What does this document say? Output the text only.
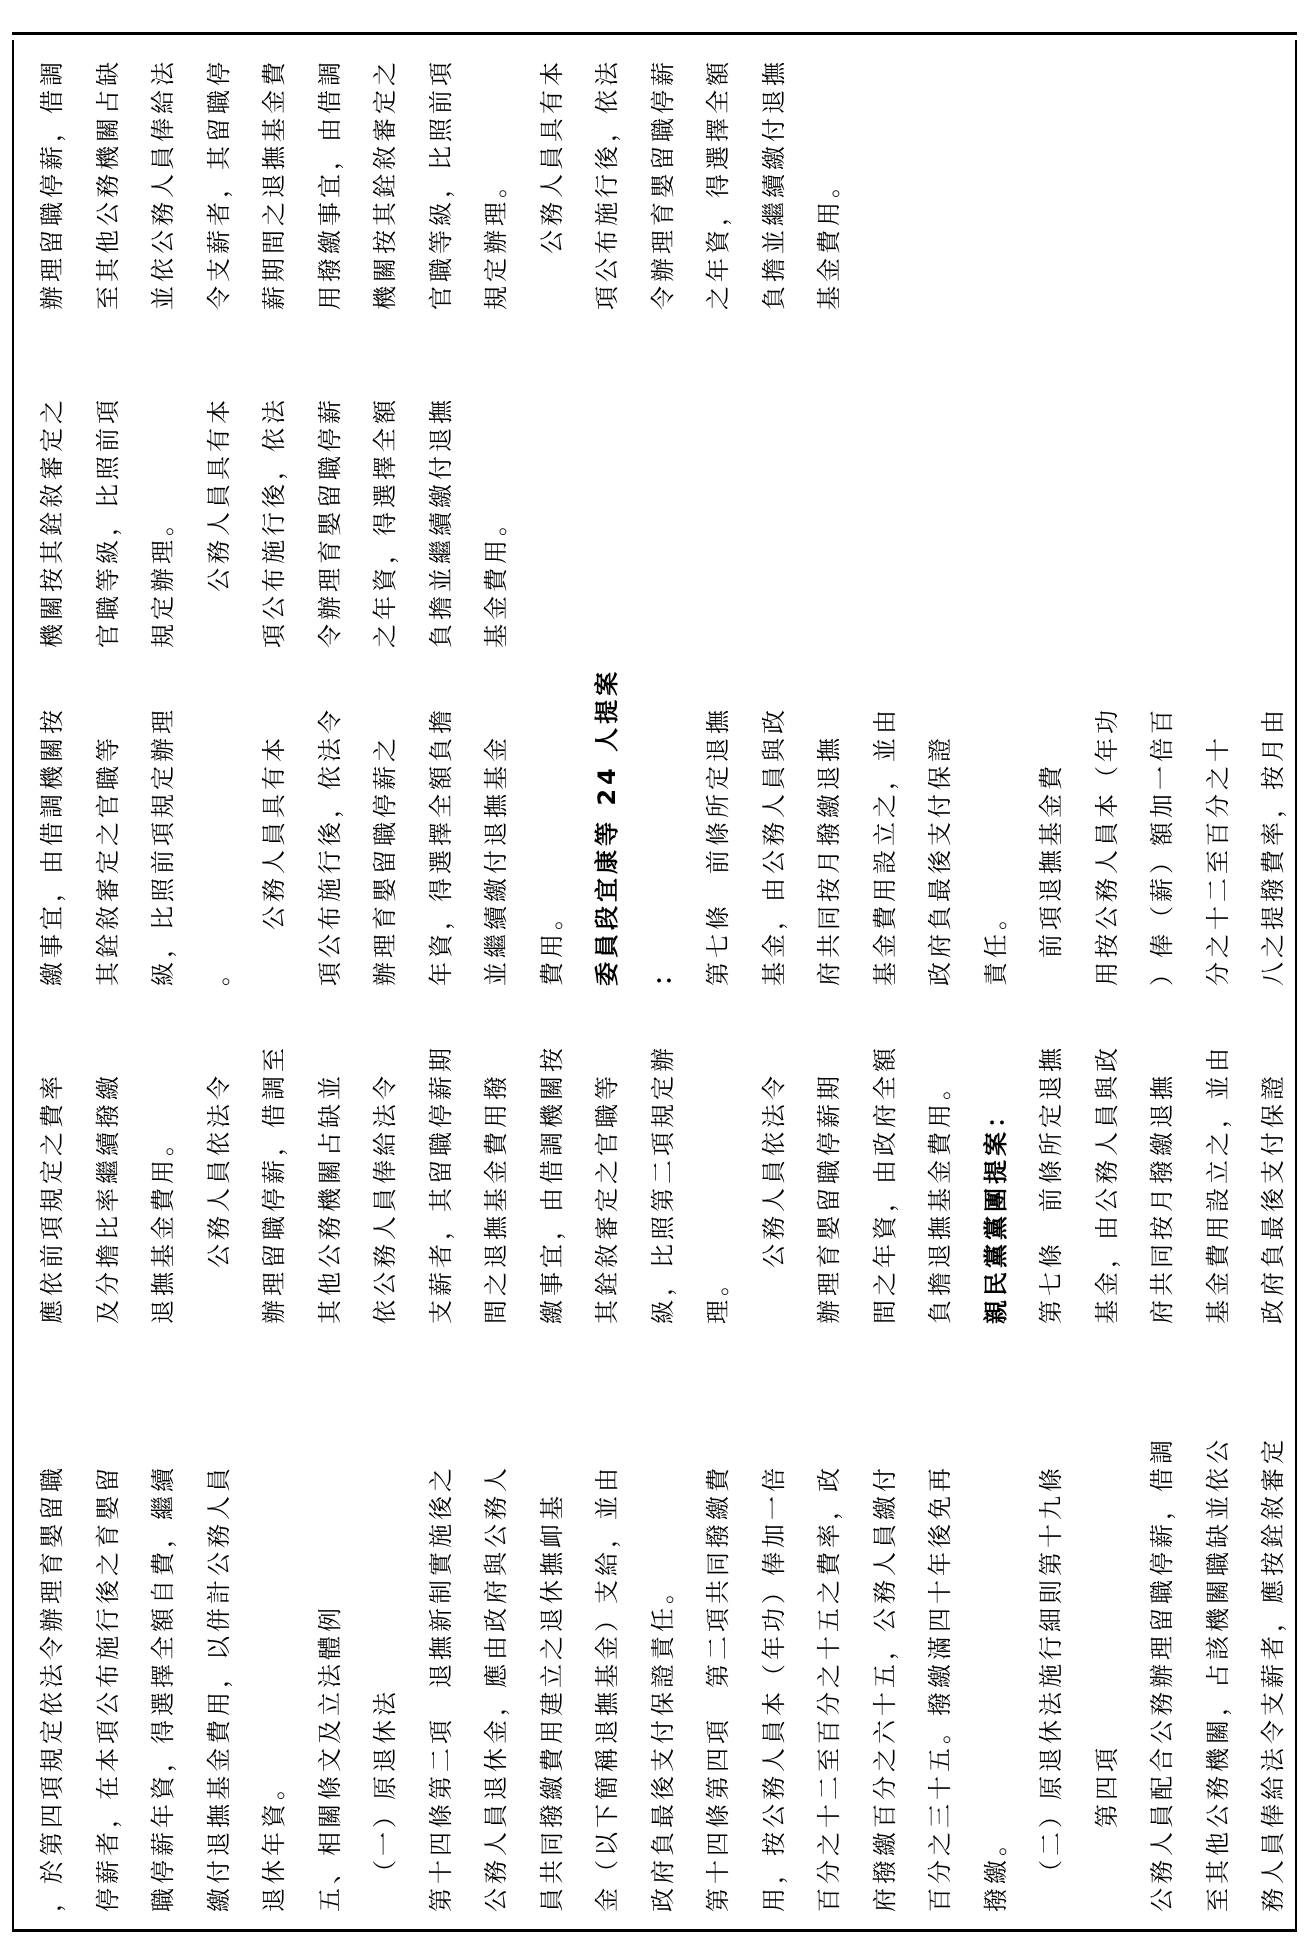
，於第四項規定依法令辦理育嬰留職 停薪者，在本項公布施行後之育嬰留 職停薪年資，得選擇全額自費，繼續 繳付退撫基金費用，以併計公務人員 退休年資。 五、相關條文及立法體例 （一）原退休法 第十四條第二項　退撫新制實施後之 公務人員退休金，應由政府與公務人 員共同撥繳費用建立之退休撫卹基 金（以下簡稱退撫基金）支給，並由 政府負最後支付保證責任。 第十四條第四項　第二項共同撥繳費 用，按公務人員本（年功）俸加一倍 百分之十二至百分之十五之費率，政 府撥繳百分之六十五，公務人員繳付 百分之三十五。撥繳滿四十年後免再 撥繳。 （二）原退休法施行細則第十九條 第四項 公務人員配合公務辦理留職停薪，借調 至其他公務機關，占該機關職缺並依公 務人員俸給法令支薪者，應按銓敘審定
應依前項規定之費率 及分擔比率繼續撥繳 退撫基金費用。 公務人員依法令 辦理留職停薪，借調至 其他公務機關占缺並 依公務人員俸給法令 支薪者，其留職停薪期 間之退撫基金費用撥 繳事宜，由借調機關按 其銓敘審定之官職等 級，比照第二項規定辦 理。
公務人員依法令 辦理育嬰留職停薪期 間之年資，由政府全額 負擔退撫基金費用。 親民黨黨團提案： 第七條　前條所定退撫 基金，由公務人員與政 府共同按月撥繳退撫 基金費用設立之，並由 政府負最後支付保證
繳事宜，由借調機關按 其銓敘審定之官職等 級，比照前項規定辦理 。
公務人員具有本 項公布施行後，依法令 辦理育嬰留職停薪之 年資，得選擇全額負擔 並繼續繳付退撫基金 費用。 委員段宜康等 24 人提案 ： 第七條　前條所定退撫 基金，由公務人員與政 府共同按月撥繳退撫 基金費用設立之，並由 政府負最後支付保證 責任。 前項退撫基金費 用按公務人員本（年功 ）俸（薪）額加一倍百 分之十二至百分之十 八之提撥費率，按月由
機關按其銓敘審定之 官職等級，比照前項 規定辦理。 公務人員具有本 項公布施行後，依法 令辦理育嬰留職停薪 之年資，得選擇全額 負擔並繼續繳付退撫 基金費用。
辦理留職停薪，借調 至其他公務機關占缺 並依公務人員俸給法 令支薪者，其留職停 薪期間之退撫基金費 用撥繳事宜，由借調 機關按其銓敘審定之 官職等級，比照前項 規定辦理。 公務人員具有本 項公布施行後，依法 令辦理育嬰留職停薪 之年資，得選擇全額 負擔並繼續繳付退撫 基金費用。
